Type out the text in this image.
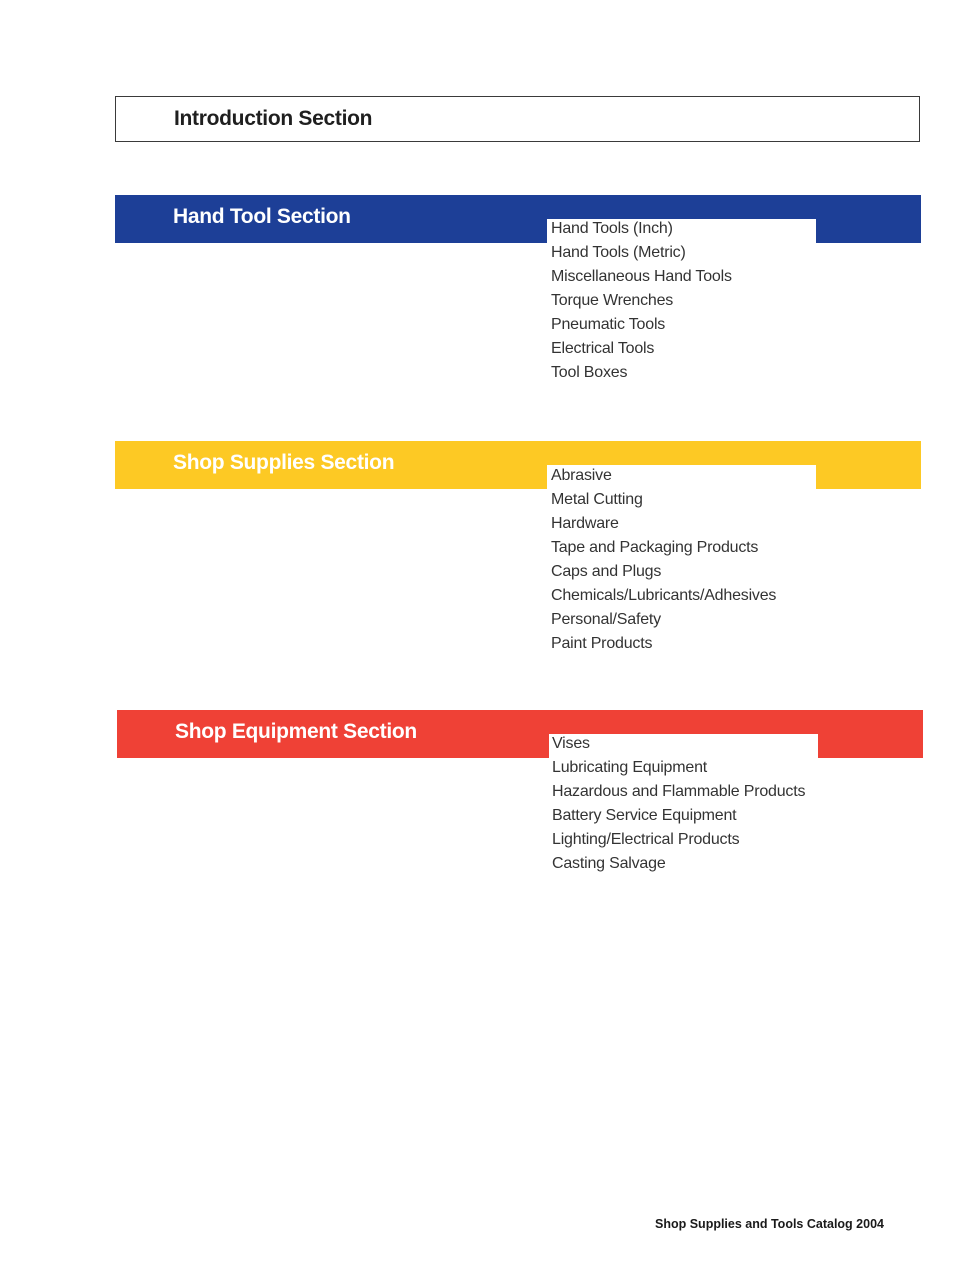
Introduction Section
Hand Tool Section
Hand Tools (Inch)
Hand Tools (Metric)
Miscellaneous Hand Tools
Torque Wrenches
Pneumatic Tools
Electrical Tools
Tool Boxes
Shop Supplies Section
Abrasive
Metal Cutting
Hardware
Tape and Packaging Products
Caps and Plugs
Chemicals/Lubricants/Adhesives
Personal/Safety
Paint Products
Shop Equipment Section
Vises
Lubricating Equipment
Hazardous and Flammable Products
Battery Service Equipment
Lighting/Electrical Products
Casting Salvage
Shop Supplies and Tools Catalog 2004
